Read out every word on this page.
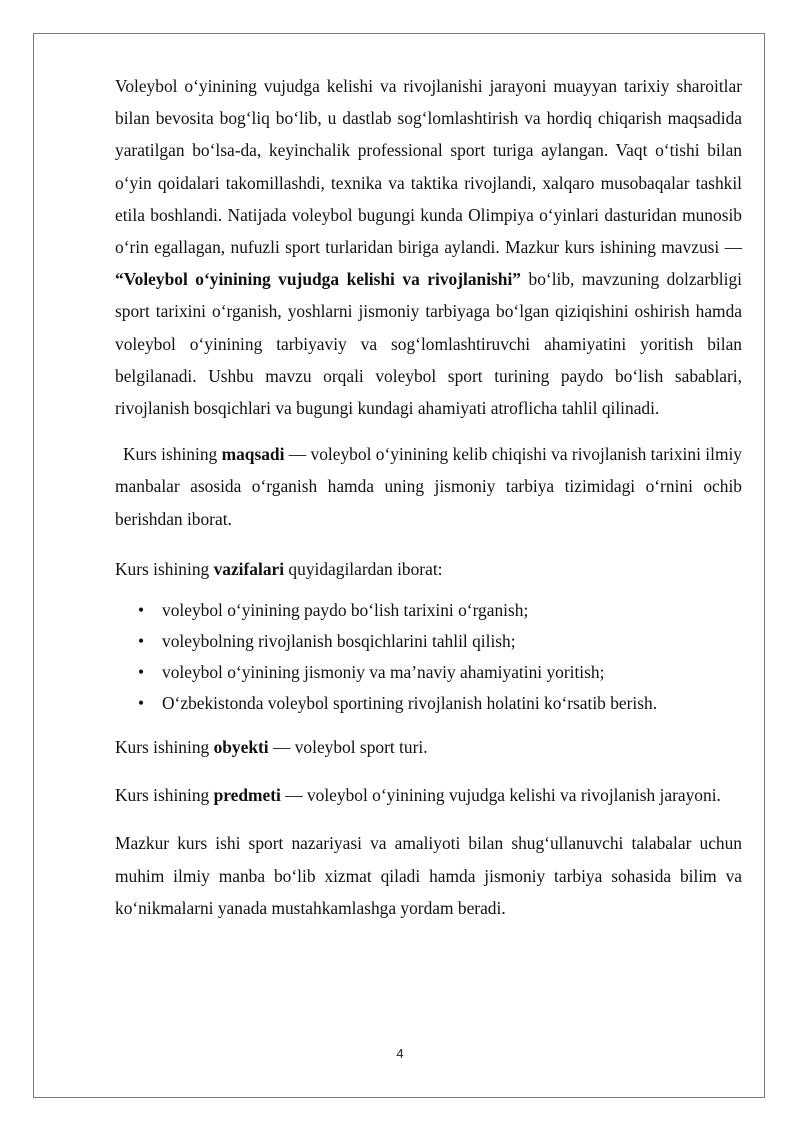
Voleybol o‘yinining vujudga kelishi va rivojlanishi jarayoni muayyan tarixiy sharoitlar bilan bevosita bog‘liq bo‘lib, u dastlab sog‘lomlashtirish va hordiq chiqarish maqsadida yaratilgan bo‘lsa-da, keyinchalik professional sport turiga aylangan. Vaqt o‘tishi bilan o‘yin qoidalari takomillashdi, texnika va taktika rivojlandi, xalqaro musobaqalar tashkil etila boshlandi. Natijada voleybol bugungi kunda Olimpiya o‘yinlari dasturidan munosib o‘rin egallagan, nufuzli sport turlaridan biriga aylandi. Mazkur kurs ishining mavzusi — “Voleybol o‘yinining vujudga kelishi va rivojlanishi” bo‘lib, mavzuning dolzarbligi sport tarixini o‘rganish, yoshlarni jismoniy tarbiyaga bo‘lgan qiziqishini oshirish hamda voleybol o‘yinining tarbiyaviy va sog‘lomlashtiruvchi ahamiyatini yoritish bilan belgilanadi. Ushbu mavzu orqali voleybol sport turining paydo bo‘lish sabablari, rivojlanish bosqichlari va bugungi kundagi ahamiyati atroflicha tahlil qilinadi.

Kurs ishining maqsadi — voleybol o‘yinining kelib chiqishi va rivojlanish tarixini ilmiy manbalar asosida o‘rganish hamda uning jismoniy tarbiya tizimidagi o‘rnini ochib berishdan iborat.

Kurs ishining vazifalari quyidagilardan iborat:

• voleybol o‘yinining paydo bo‘lish tarixini o‘rganish;
• voleybolning rivojlanish bosqichlarini tahlil qilish;
• voleybol o‘yinining jismoniy va ma’naviy ahamiyatini yoritish;
• O‘zbekistonda voleybol sportining rivojlanish holatini ko‘rsatib berish.

Kurs ishining obyekti — voleybol sport turi.

Kurs ishining predmeti — voleybol o‘yinining vujudga kelishi va rivojlanish jarayoni.

Mazkur kurs ishi sport nazariyasi va amaliyoti bilan shug‘ullanuvchi talabalar uchun muhim ilmiy manba bo‘lib xizmat qiladi hamda jismoniy tarbiya sohasida bilim va ko‘nikmalarni yanada mustahkamlashga yordam beradi.

4
